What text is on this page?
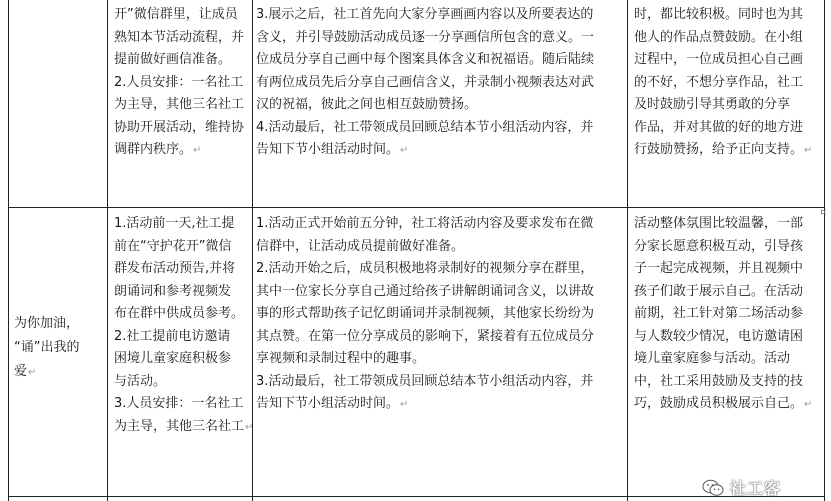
¤

开”微信群里，让成员

熟知本节活动流程，并

提前做好画信准备。

2.人员安排：一名社工

为主导，其他三名社工

协助开展活动，维持协

调群内秩序。↵

3.展示之后，社工首先向大家分享画画内容以及所要表达的

含义，并引导鼓励活动成员逐一分享画信所包含的意义。一

位成员分享自己画中每个图案具体含义和祝福语。随后陆续

有两位成员先后分享自己画信含义，并录制小视频表达对武

汉的祝福，彼此之间也相互鼓励赞扬。

4.活动最后，社工带领成员回顾总结本节小组活动内容，并

告知下节小组活动时间。↵

时，都比较积极。同时也为其

他人的作品点赞鼓励。在小组

过程中，一位成员担心自己画

的不好，不想分享作品，社工

及时鼓励引导其勇敢的分享

作品，并对其做的好的地方进

行鼓励赞扬，给予正向支持。↵

为你加油，

“诵”出我的

爱↵

1.活动前一天,社工提

前在“守护花开”微信

群发布活动预告,并将

朗诵词和参考视频发

布在群中供成员参考。

2.社工提前电访邀请

困境儿童家庭积极参

与活动。

3.人员安排：一名社工

为主导，其他三名社工↵

1.活动正式开始前五分钟，社工将活动内容及要求发布在微

信群中，让活动成员提前做好准备。

2.活动开始之后，成员积极地将录制好的视频分享在群里，

其中一位家长分享自己通过给孩子讲解朗诵词含义，以讲故

事的形式帮助孩子记忆朗诵词并录制视频，其他家长纷纷为

其点赞。在第一位分享成员的影响下，紧接着有五位成员分

享视频和录制过程中的趣事。

3.活动最后，社工带领成员回顾总结本节小组活动内容，并

告知下节小组活动时间。↵

活动整体氛围比较温馨，一部

分家长愿意积极互动，引导孩

子一起完成视频，并且视频中

孩子们敢于展示自己。在活动

前期，社工针对第二场活动参

与人数较少情况，电访邀请困

境儿童家庭参与活动。活动

中，社工采用鼓励及支持的技

巧，鼓励成员积极展示自己。↵

社工客
